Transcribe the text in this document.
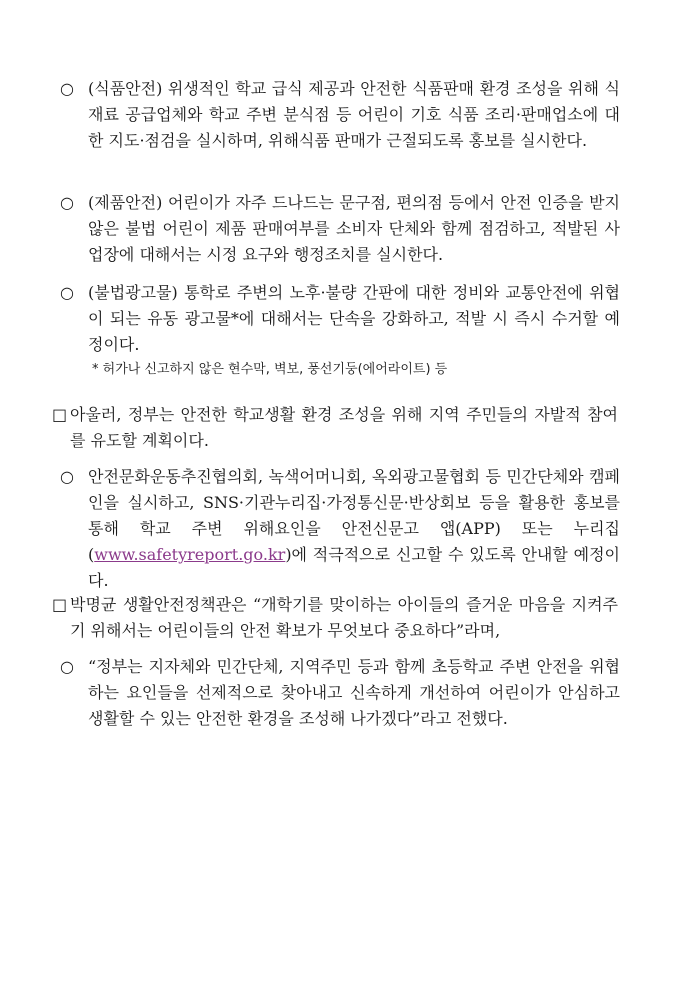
○ (식품안전) 위생적인 학교 급식 제공과 안전한 식품판매 환경 조성을 위해 식재료 공급업체와 학교 주변 분식점 등 어린이 기호 식품 조리·판매업소에 대한 지도·점검을 실시하며, 위해식품 판매가 근절되도록 홍보를 실시한다.
○ (제품안전) 어린이가 자주 드나드는 문구점, 편의점 등에서 안전 인증을 받지 않은 불법 어린이 제품 판매여부를 소비자 단체와 함께 점검하고, 적발된 사업장에 대해서는 시정 요구와 행정조치를 실시한다.
○ (불법광고물) 통학로 주변의 노후·불량 간판에 대한 정비와 교통안전에 위협이 되는 유동 광고물*에 대해서는 단속을 강화하고, 적발 시 즉시 수거할 예정이다.
* 허가나 신고하지 않은 현수막, 벽보, 풍선기둥(에어라이트) 등
□ 아울러, 정부는 안전한 학교생활 환경 조성을 위해 지역 주민들의 자발적 참여를 유도할 계획이다.
○ 안전문화운동추진협의회, 녹색어머니회, 옥외광고물협회 등 민간단체와 캠페인을 실시하고, SNS·기관누리집·가정통신문·반상회보 등을 활용한 홍보를 통해 학교 주변 위해요인을 안전신문고 앱(APP) 또는 누리집 (www.safetyreport.go.kr)에 적극적으로 신고할 수 있도록 안내할 예정이다.
□ 박명균 생활안전정책관은 “개학기를 맞이하는 아이들의 즐거운 마음을 지켜주기 위해서는 어린이들의 안전 확보가 무엇보다 중요하다”라며,
○ “정부는 지자체와 민간단체, 지역주민 등과 함께 초등학교 주변 안전을 위협하는 요인들을 선제적으로 찾아내고 신속하게 개선하여 어린이가 안심하고 생활할 수 있는 안전한 환경을 조성해 나가겠다”라고 전했다.
